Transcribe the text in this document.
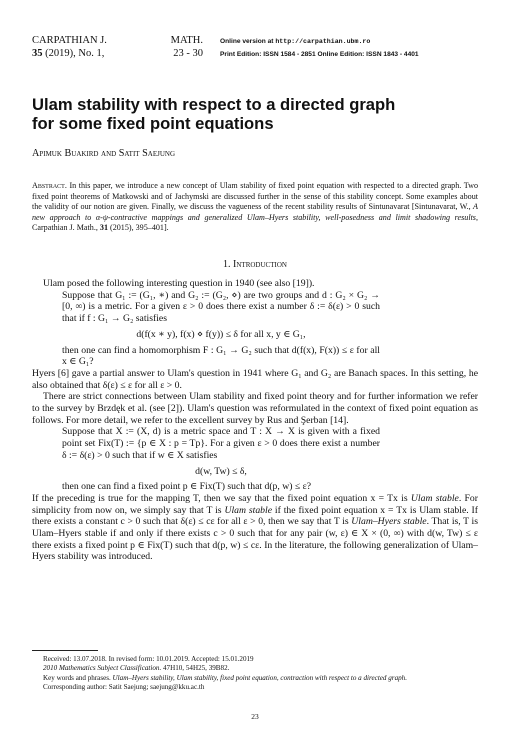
CARPATHIAN J.
35 (2019), No. 1,
MATH.
23 - 30
Online version at http://carpathian.ubm.ro
Print Edition: ISSN 1584 - 2851 Online Edition: ISSN 1843 - 4401
Ulam stability with respect to a directed graph for some fixed point equations
Apimuk Buakird and Satit Saejung
Abstract. In this paper, we introduce a new concept of Ulam stability of fixed point equation with respected to a directed graph. Two fixed point theorems of Matkowski and of Jachymski are discussed further in the sense of this stability concept. Some examples about the validity of our notion are given. Finally, we discuss the vagueness of the recent stability results of Sintunavarat [Sintunavarat, W., A new approach to α-ψ-contractive mappings and generalized Ulam–Hyers stability, well-posedness and limit shadowing results, Carpathian J. Math., 31 (2015), 395–401].
1. Introduction

Ulam posed the following interesting question in 1940 (see also [19]).

Suppose that G₁ := (G₁, ∗) and G₂ := (G₂, ⋄) are two groups and d : G₂ × G₂ → [0, ∞) is a metric. For a given ε > 0 does there exist a number δ := δ(ε) > 0 such that if f : G₁ → G₂ satisfies

d(f(x ∗ y), f(x) ⋄ f(y)) ≤ δ for all x, y ∈ G₁,

then one can find a homomorphism F : G₁ → G₂ such that d(f(x), F(x)) ≤ ε for all x ∈ G₁?

Hyers [6] gave a partial answer to Ulam's question in 1941 where G₁ and G₂ are Banach spaces. In this setting, he also obtained that δ(ε) ≤ ε for all ε > 0.

There are strict connections between Ulam stability and fixed point theory and for further information we refer to the survey by Brzdęk et al. (see [2]). Ulam's question was reformulated in the context of fixed point equation as follows. For more detail, we refer to the excellent survey by Rus and Şerban [14].

Suppose that X := (X, d) is a metric space and T : X → X is given with a fixed point set Fix(T) := {p ∈ X : p = Tp}. For a given ε > 0 does there exist a number δ := δ(ε) > 0 such that if w ∈ X satisfies

d(w, Tw) ≤ δ,

then one can find a fixed point p ∈ Fix(T) such that d(p, w) ≤ ε?

If the preceding is true for the mapping T, then we say that the fixed point equation x = Tx is Ulam stable. For simplicity from now on, we simply say that T is Ulam stable if the fixed point equation x = Tx is Ulam stable. If there exists a constant c > 0 such that δ(ε) ≤ cε for all ε > 0, then we say that T is Ulam–Hyers stable. That is, T is Ulam–Hyers stable if and only if there exists c > 0 such that for any pair (w, ε) ∈ X × (0, ∞) with d(w, Tw) ≤ ε there exists a fixed point p ∈ Fix(T) such that d(p, w) ≤ cε. In the literature, the following generalization of Ulam–Hyers stability was introduced.

Received: 13.07.2018. In revised form: 10.01.2019. Accepted: 15.01.2019
2010 Mathematics Subject Classification. 47H10, 54H25, 39B82.
Key words and phrases. Ulam–Hyers stability, Ulam stability, fixed point equation, contraction with respect to a directed graph.
Corresponding author: Satit Saejung; saejung@kku.ac.th
23
